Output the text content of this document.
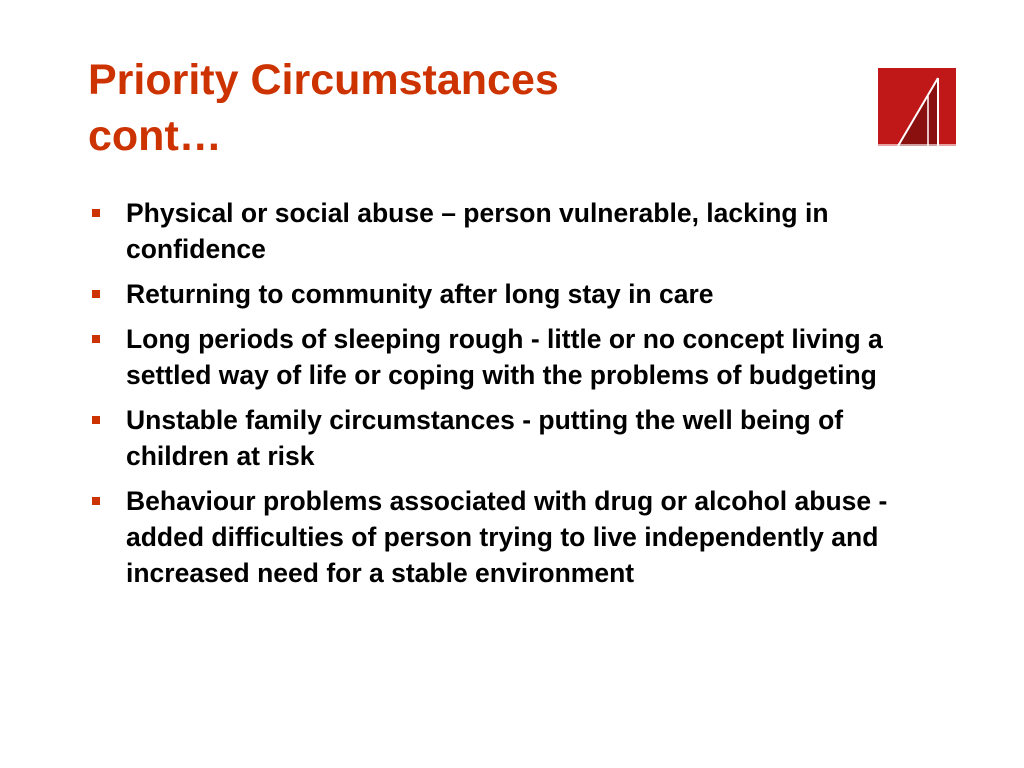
Priority Circumstances
cont…
Physical or social abuse – person vulnerable, lacking in confidence
Returning to community after long stay in care
Long periods of sleeping rough - little or no concept living a settled way of life or coping with the problems of budgeting
Unstable family circumstances - putting the well being of children at risk
Behaviour problems associated with drug or alcohol abuse - added difficulties of person trying to live independently and increased need for a stable environment
